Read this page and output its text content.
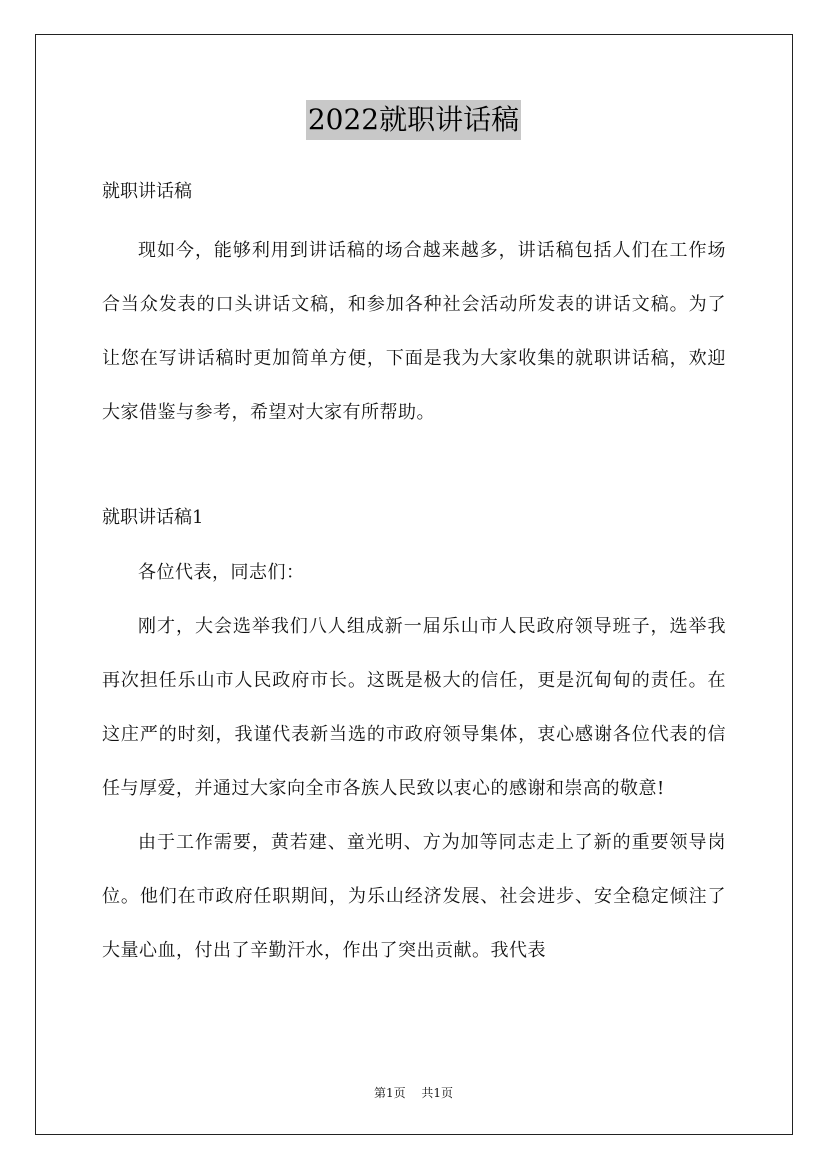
2022就职讲话稿

就职讲话稿

现如今，能够利用到讲话稿的场合越来越多，讲话稿包括人们在工作场合当众发表的口头讲话文稿，和参加各种社会活动所发表的讲话文稿。为了让您在写讲话稿时更加简单方便，下面是我为大家收集的就职讲话稿，欢迎大家借鉴与参考，希望对大家有所帮助。

就职讲话稿1

各位代表，同志们：

刚才，大会选举我们八人组成新一届乐山市人民政府领导班子，选举我再次担任乐山市人民政府市长。这既是极大的信任，更是沉甸甸的责任。在这庄严的时刻，我谨代表新当选的市政府领导集体，衷心感谢各位代表的信任与厚爱，并通过大家向全市各族人民致以衷心的感谢和崇高的敬意!

由于工作需要，黄若建、童光明、方为加等同志走上了新的重要领导岗位。他们在市政府任职期间，为乐山经济发展、社会进步、安全稳定倾注了大量心血，付出了辛勤汗水，作出了突出贡献。我代表

第1页 共1页
